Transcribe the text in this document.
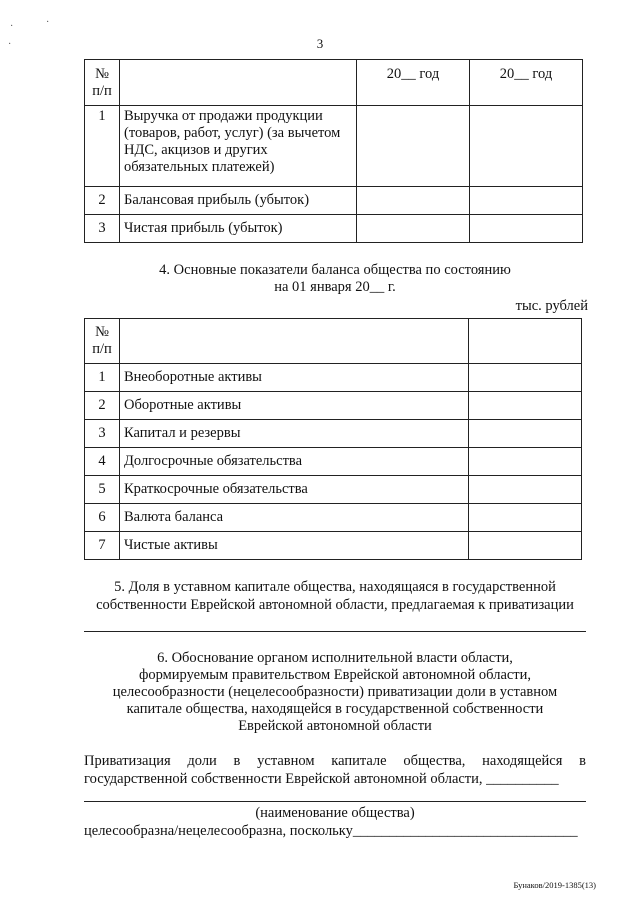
·	·
·	3
№
п/п		20__ год	20__ год
1	Выручка от продажи продукции (товаров, работ, услуг) (за вычетом НДС, акцизов и других обязательных платежей)		
2	Балансовая прибыль (убыток)		
3	Чистая прибыль (убыток)		
4. Основные показатели баланса общества по состоянию
на 01 января 20__ г.
тыс. рублей
№
п/п		
1	Внеоборотные активы	
2	Оборотные активы	
3	Капитал и резервы	
4	Долгосрочные обязательства	
5	Краткосрочные обязательства	
6	Валюта баланса	
7	Чистые активы	
5. Доля в уставном капитале общества, находящаяся в государственной
собственности Еврейской автономной области, предлагаемая к приватизации
6. Обоснование органом исполнительной власти области,
формируемым правительством Еврейской автономной области,
целесообразности (нецелесообразности) приватизации доли в уставном
капитале общества, находящейся в государственной собственности
Еврейской автономной области
Приватизация доли в уставном капитале общества, находящейся в
государственной собственности Еврейской автономной области, __________
(наименование общества)
целесообразна/нецелесообразна, поскольку_______________________________
Бунаков/2019-1385(13)
